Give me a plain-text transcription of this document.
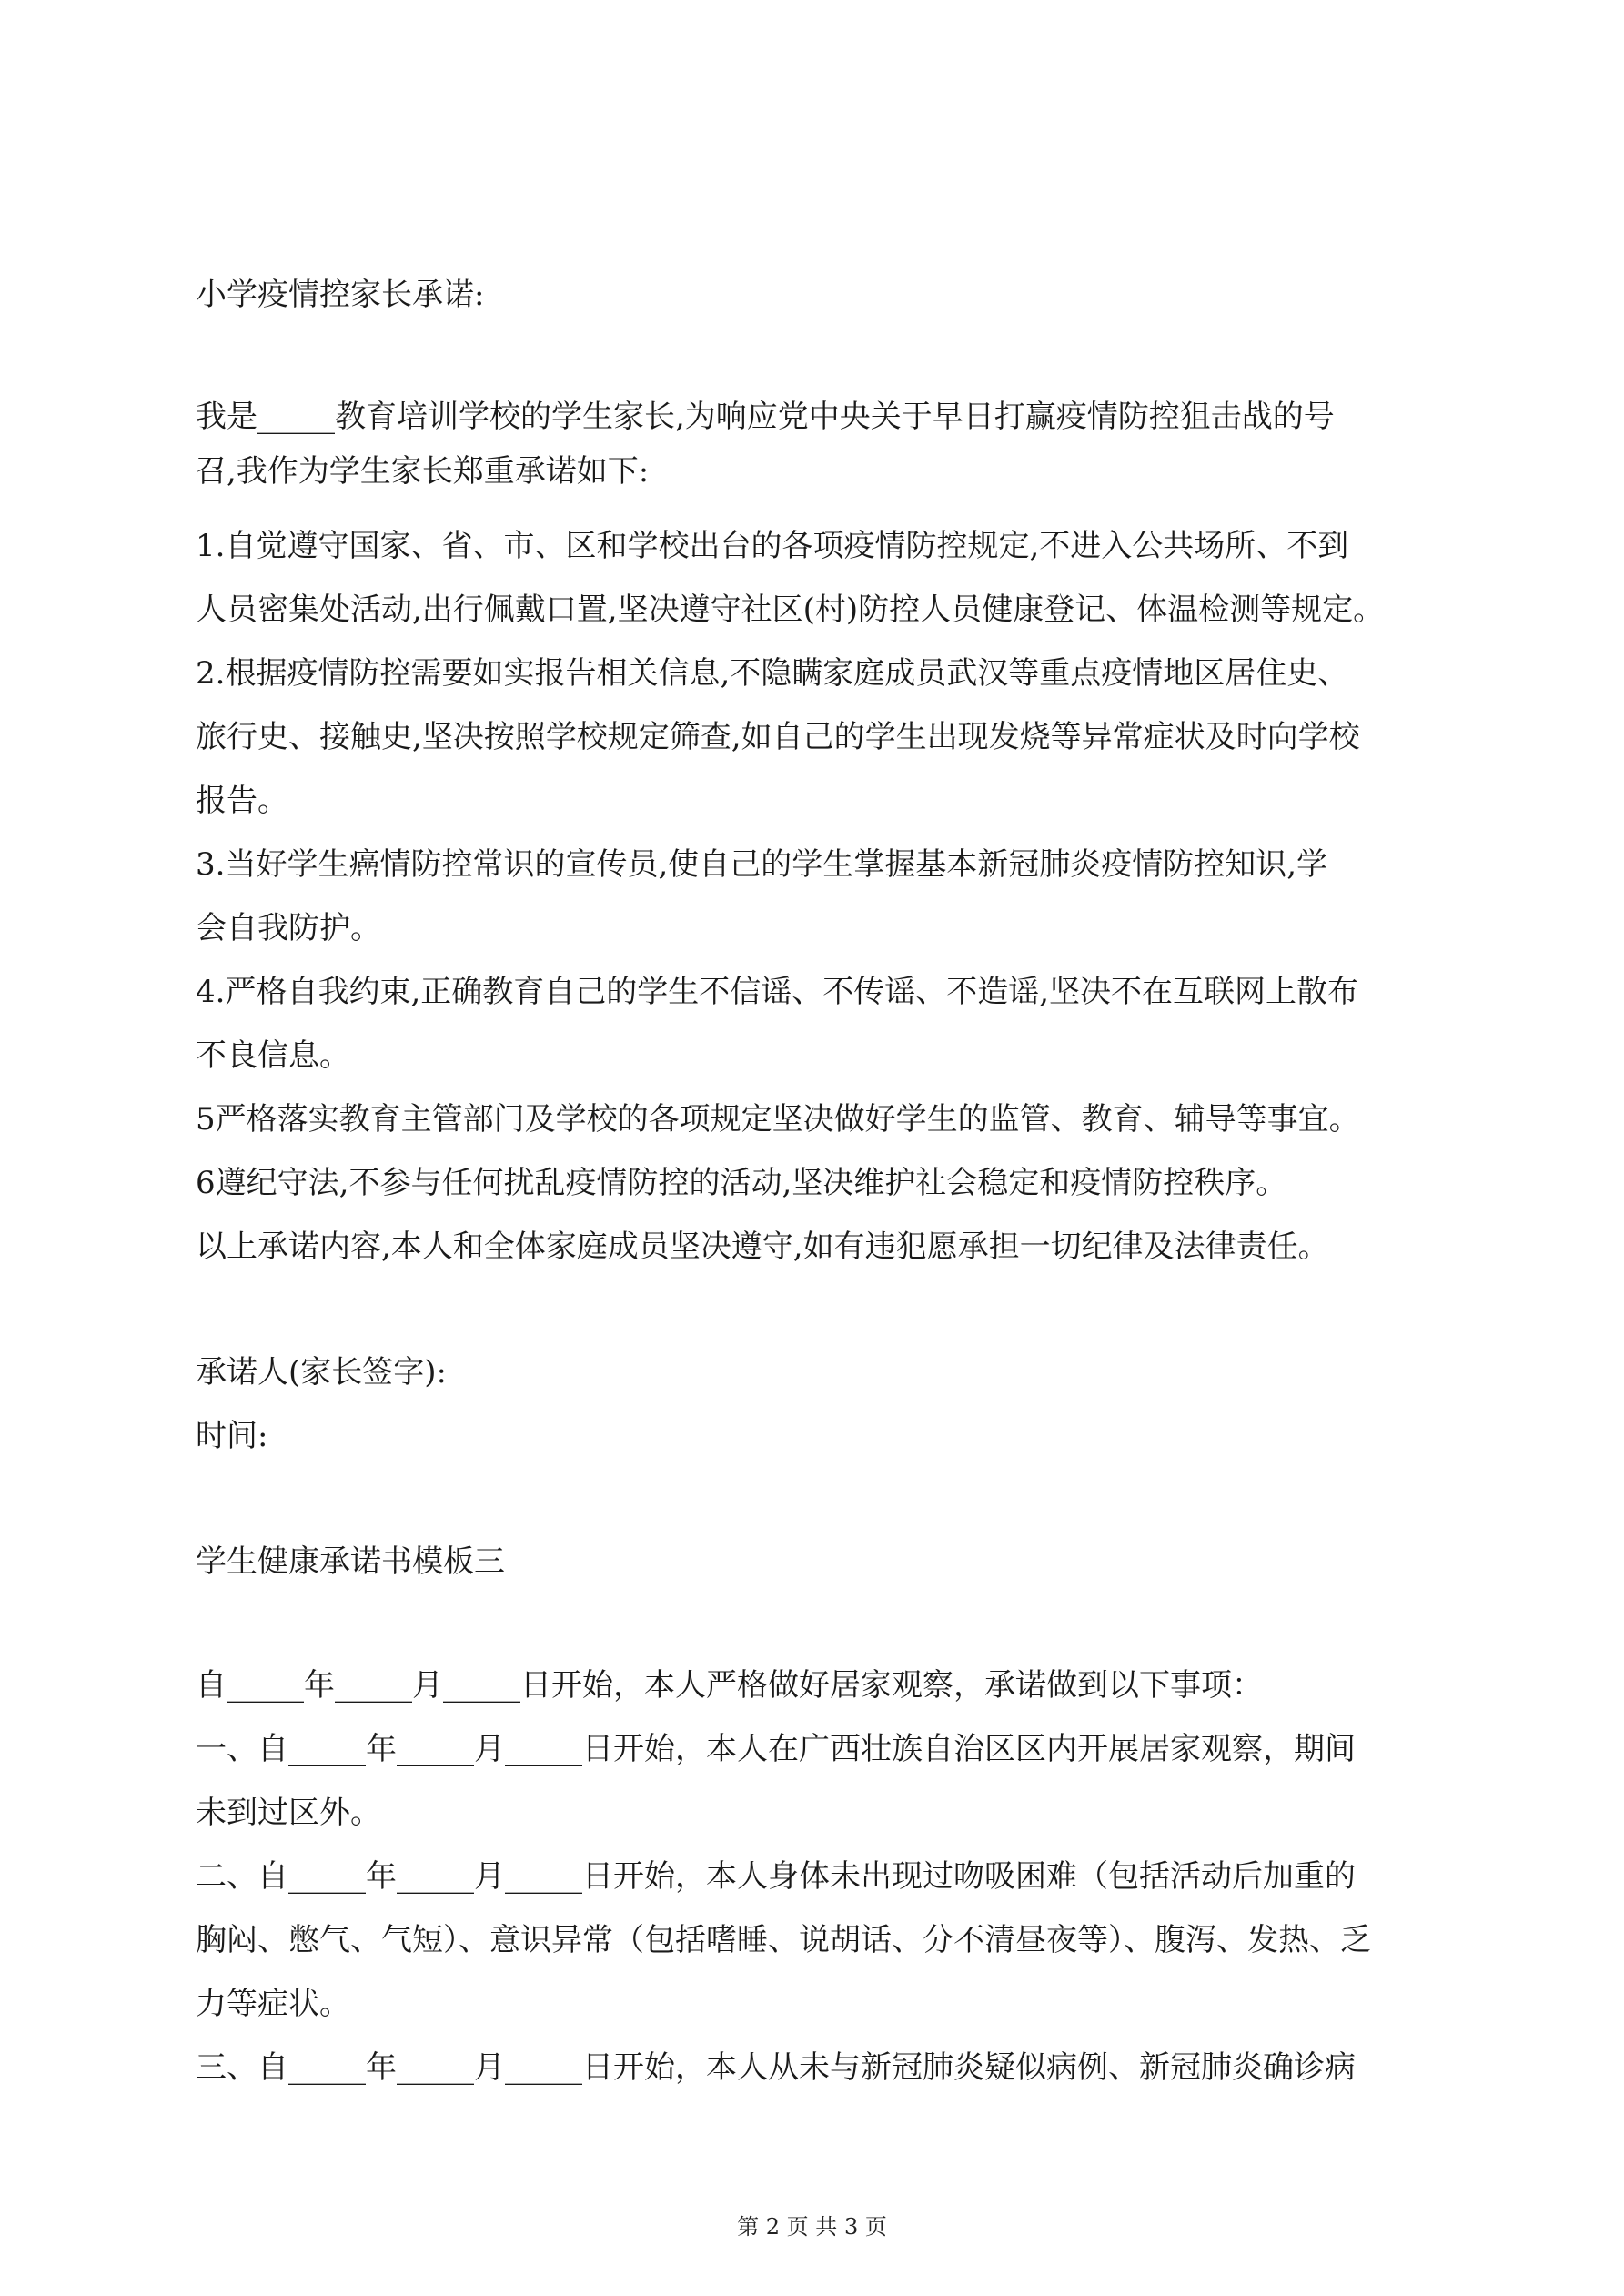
小学疫情控家长承诺:
我是_____教育培训学校的学生家长,为响应党中央关于早日打赢疫情防控狙击战的号
召,我作为学生家长郑重承诺如下:
1.自觉遵守国家、省、市、区和学校出台的各项疫情防控规定,不进入公共场所、不到
人员密集处活动,出行佩戴口置,坚决遵守社区(村)防控人员健康登记、体温检测等规定。
2.根据疫情防控需要如实报告相关信息,不隐瞒家庭成员武汉等重点疫情地区居住史、
旅行史、接触史,坚决按照学校规定筛查,如自己的学生出现发烧等异常症状及时向学校
报告。
3.当好学生癌情防控常识的宣传员,使自己的学生掌握基本新冠肺炎疫情防控知识,学
会自我防护。
4.严格自我约束,正确教育自己的学生不信谣、不传谣、不造谣,坚决不在互联网上散布
不良信息。
5严格落实教育主管部门及学校的各项规定坚决做好学生的监管、教育、辅导等事宜。
6遵纪守法,不参与任何扰乱疫情防控的活动,坚决维护社会稳定和疫情防控秩序。
以上承诺内容,本人和全体家庭成员坚决遵守,如有违犯愿承担一切纪律及法律责任。
承诺人(家长签字):
时间:
学生健康承诺书模板三
自_____年_____月_____日开始，本人严格做好居家观察，承诺做到以下事项：
一、自_____年_____月_____日开始，本人在广西壮族自治区区内开展居家观察，期间
未到过区外。
二、自_____年_____月_____日开始，本人身体未出现过吻吸困难（包括活动后加重的
胸闷、憋气、气短）、意识异常（包括嗜睡、说胡话、分不清昼夜等）、腹泻、发热、乏
力等症状。
三、自_____年_____月_____日开始，本人从未与新冠肺炎疑似病例、新冠肺炎确诊病
第 2 页 共 3 页
